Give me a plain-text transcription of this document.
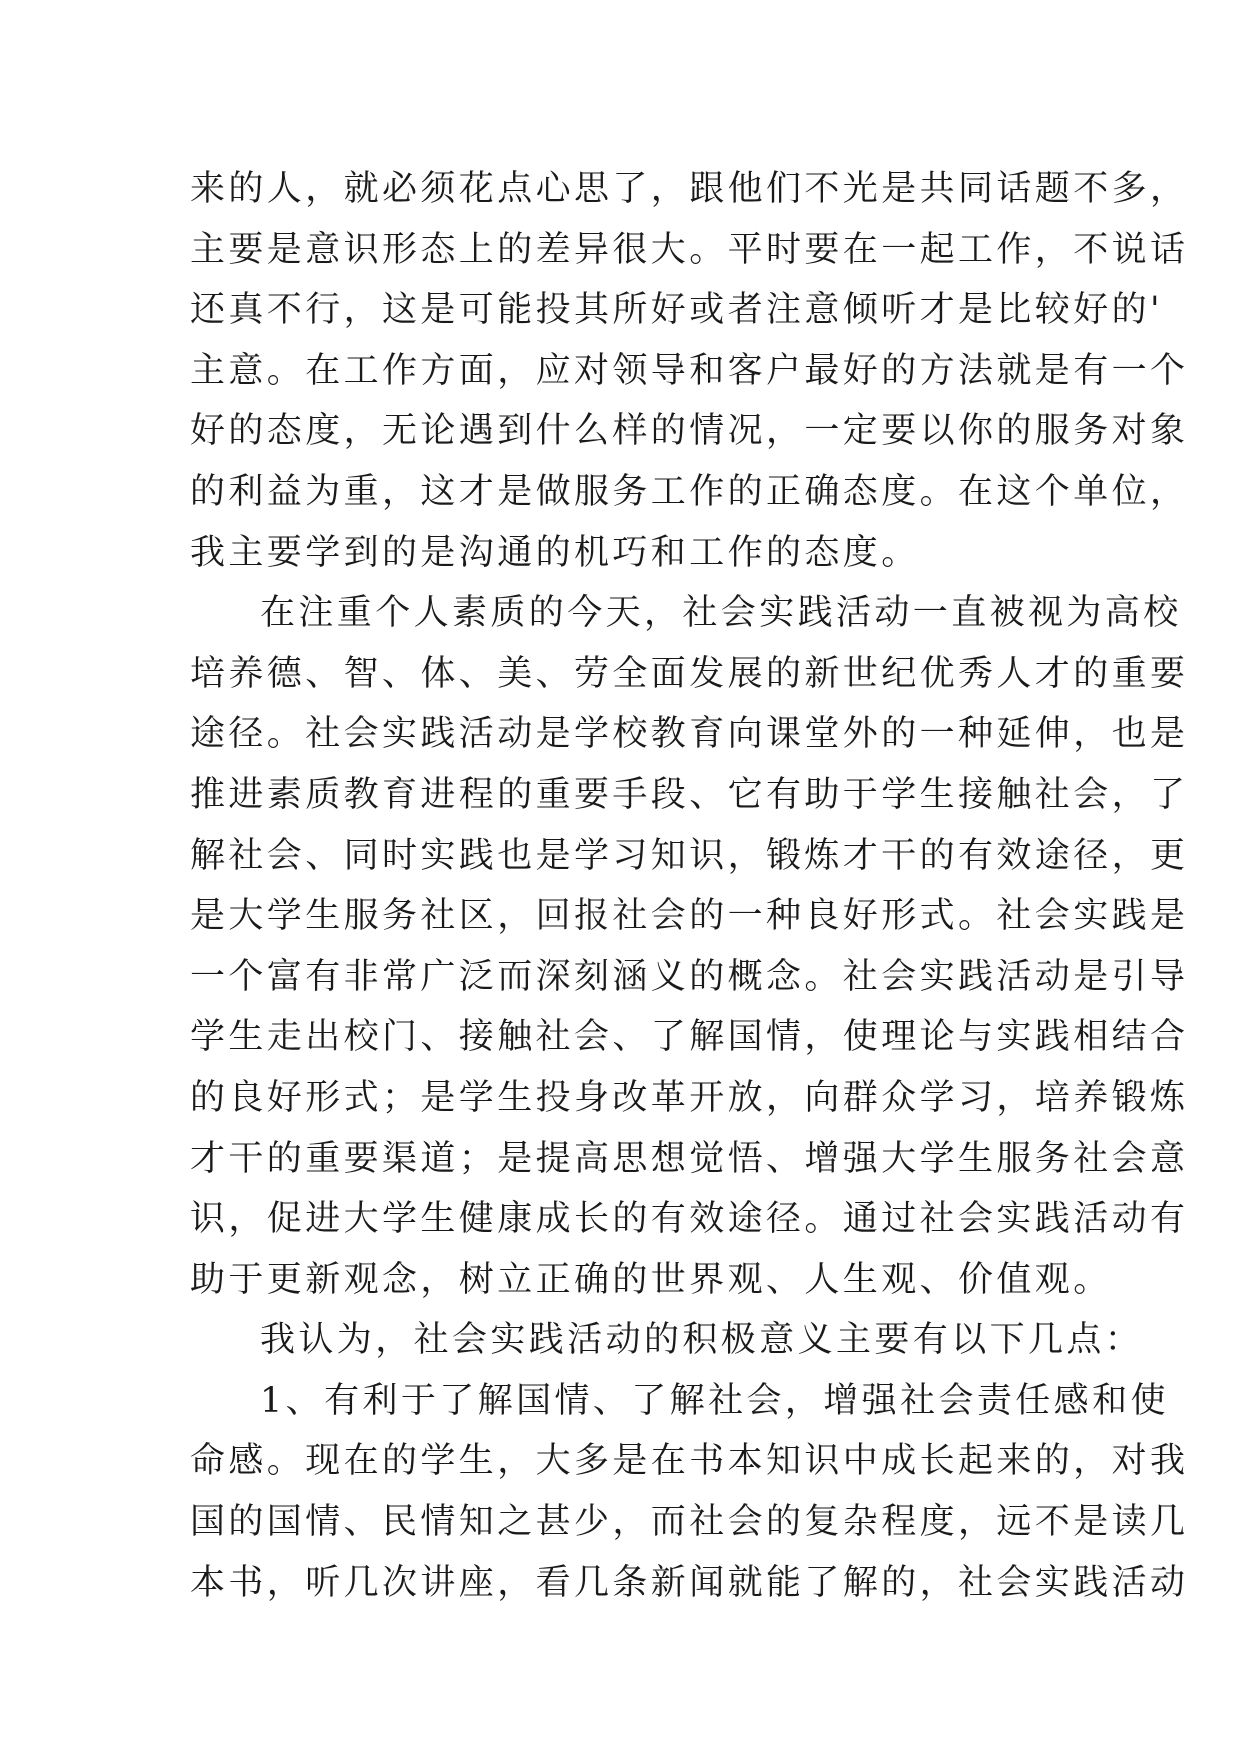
来的人，就必须花点心思了，跟他们不光是共同话题不多，
主要是意识形态上的差异很大。平时要在一起工作，不说话
还真不行，这是可能投其所好或者注意倾听才是比较好的'
主意。在工作方面，应对领导和客户最好的方法就是有一个
好的态度，无论遇到什么样的情况，一定要以你的服务对象
的利益为重，这才是做服务工作的正确态度。在这个单位，
我主要学到的是沟通的机巧和工作的态度。
在注重个人素质的今天，社会实践活动一直被视为高校
培养德、智、体、美、劳全面发展的新世纪优秀人才的重要
途径。社会实践活动是学校教育向课堂外的一种延伸，也是
推进素质教育进程的重要手段、它有助于学生接触社会，了
解社会、同时实践也是学习知识，锻炼才干的有效途径，更
是大学生服务社区，回报社会的一种良好形式。社会实践是
一个富有非常广泛而深刻涵义的概念。社会实践活动是引导
学生走出校门、接触社会、了解国情，使理论与实践相结合
的良好形式；是学生投身改革开放，向群众学习，培养锻炼
才干的重要渠道；是提高思想觉悟、增强大学生服务社会意
识，促进大学生健康成长的有效途径。通过社会实践活动有
助于更新观念，树立正确的世界观、人生观、价值观。
我认为，社会实践活动的积极意义主要有以下几点：
1、有利于了解国情、了解社会，增强社会责任感和使
命感。现在的学生，大多是在书本知识中成长起来的，对我
国的国情、民情知之甚少，而社会的复杂程度，远不是读几
本书，听几次讲座，看几条新闻就能了解的，社会实践活动
